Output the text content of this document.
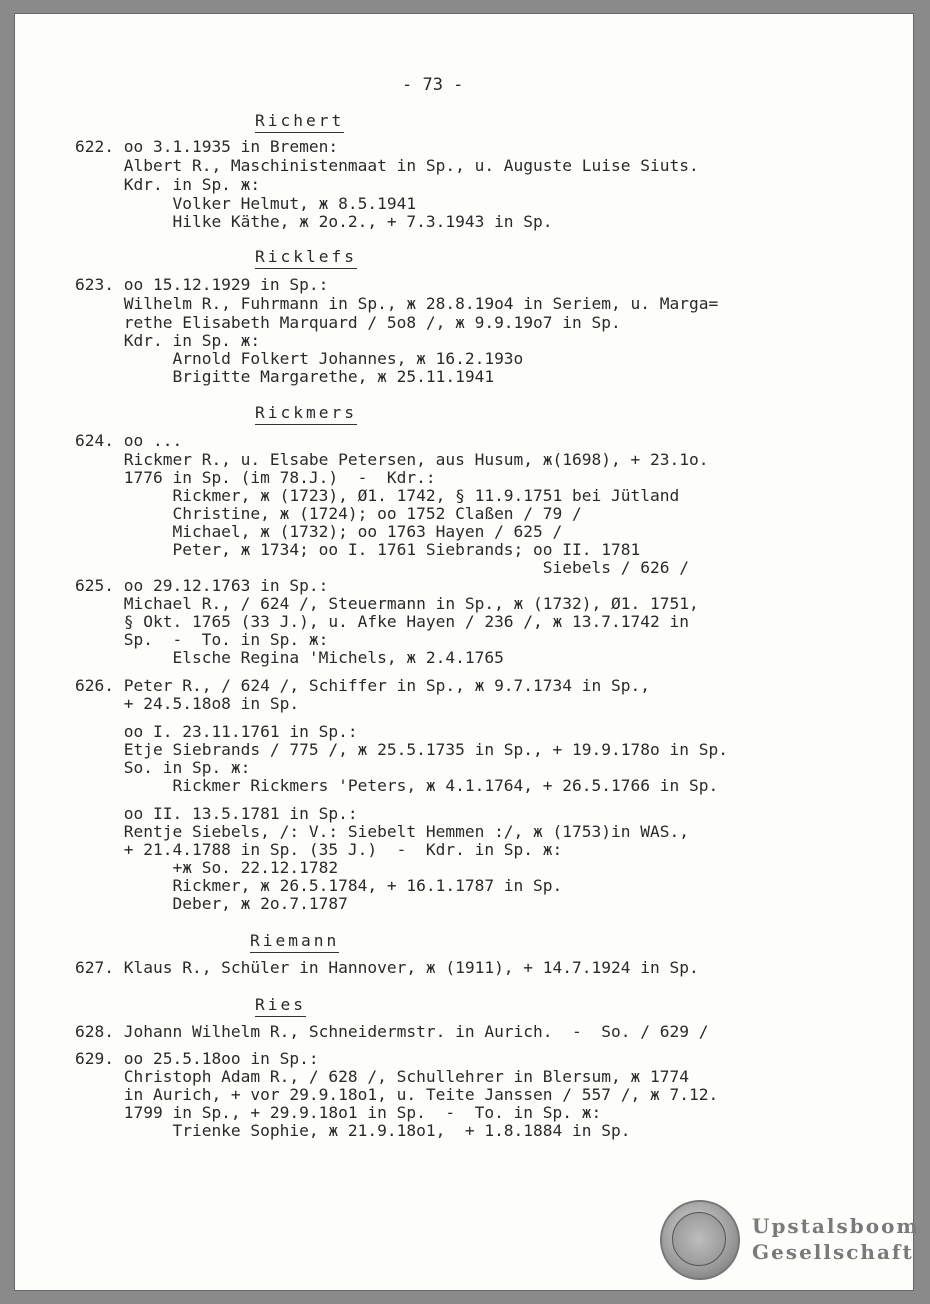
- 73 -
Richert
622. oo 3.1.1935 in Bremen:
Albert R., Maschinistenmaat in Sp., u. Auguste Luise Siuts.
Kdr. in Sp. ж:
Volker Helmut, ж 8.5.1941
Hilke Käthe, ж 2o.2., + 7.3.1943 in Sp.
Ricklefs
623. oo 15.12.1929 in Sp.:
Wilhelm R., Fuhrmann in Sp., ж 28.8.19o4 in Seriem, u. Marga=
rethe Elisabeth Marquard / 5o8 /, ж 9.9.19o7 in Sp.
Kdr. in Sp. ж:
Arnold Folkert Johannes, ж 16.2.193o
Brigitte Margarethe, ж 25.11.1941
Rickmers
624. oo ...
Rickmer R., u. Elsabe Petersen, aus Husum, ж(1698), + 23.1o.
1776 in Sp. (im 78.J.)  -  Kdr.:
Rickmer, ж (1723), Ø1. 1742, § 11.9.1751 bei Jütland
Christine, ж (1724); oo 1752 Claßen / 79 /
Michael, ж (1732); oo 1763 Hayen / 625 /
Peter, ж 1734; oo I. 1761 Siebrands; oo II. 1781
Siebels / 626 /
625. oo 29.12.1763 in Sp.:
Michael R., / 624 /, Steuermann in Sp., ж (1732), Ø1. 1751,
§ Okt. 1765 (33 J.), u. Afke Hayen / 236 /, ж 13.7.1742 in
Sp.  -  To. in Sp. ж:
Elsche Regina 'Michels, ж 2.4.1765
626. Peter R., / 624 /, Schiffer in Sp., ж 9.7.1734 in Sp.,
+ 24.5.18o8 in Sp.
oo I. 23.11.1761 in Sp.:
Etje Siebrands / 775 /, ж 25.5.1735 in Sp., + 19.9.178o in Sp.
So. in Sp. ж:
Rickmer Rickmers 'Peters, ж 4.1.1764, + 26.5.1766 in Sp.
oo II. 13.5.1781 in Sp.:
Rentje Siebels, /: V.: Siebelt Hemmen :/, ж (1753)in WAS.,
+ 21.4.1788 in Sp. (35 J.)  -  Kdr. in Sp. ж:
+ж So. 22.12.1782
Rickmer, ж 26.5.1784, + 16.1.1787 in Sp.
Deber, ж 2o.7.1787
Riemann
627. Klaus R., Schüler in Hannover, ж (1911), + 14.7.1924 in Sp.
Ries
628. Johann Wilhelm R., Schneidermstr. in Aurich.  -  So. / 629 /
629. oo 25.5.18oo in Sp.:
Christoph Adam R., / 628 /, Schullehrer in Blersum, ж 1774
in Aurich, + vor 29.9.18o1, u. Teite Janssen / 557 /, ж 7.12.
1799 in Sp., + 29.9.18o1 in Sp.  -  To. in Sp. ж:
Trienke Sophie, ж 21.9.18o1,  + 1.8.1884 in Sp.
Upstalsboom
Gesellschaft
